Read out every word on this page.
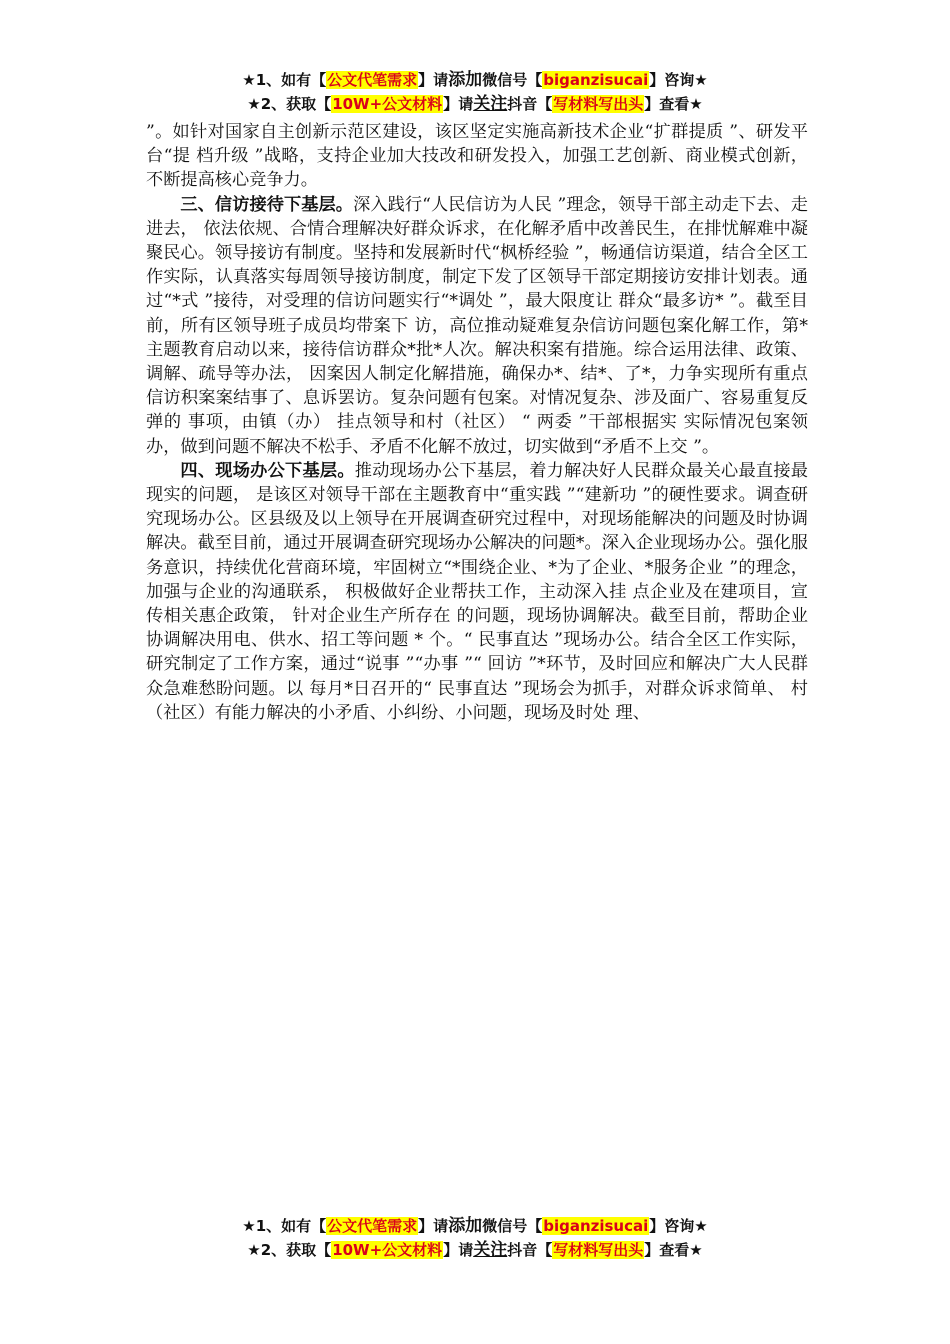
★1、如有【公文代笔需求】请添加微信号【biganzisucai】咨询★
★2、获取【10W+公文材料】请关注抖音【写材料写出头】查看★

”。如针对国家自主创新示范区建设，该区坚定实施高新技术企业“扩群提质 ”、研发平台“提 档升级 ”战略，支持企业加大技改和研发投入，加强工艺创新、商业模式创新，不断提高核心竞争力。

三、信访接待下基层。深入践行“人民信访为人民 ”理念，领导干部主动走下去、走进去， 依法依规、合情合理解决好群众诉求，在化解矛盾中改善民生，在排忧解难中凝聚民心。领导接访有制度。坚持和发展新时代“枫桥经验 ”，畅通信访渠道，结合全区工作实际，认真落实每周领导接访制度，制定下发了区领导干部定期接访安排计划表。通过“*式 ”接待，对受理的信访问题实行“*调处 ”，最大限度让 群众“最多访* ”。截至目前，所有区领导班子成员均带案下 访，高位推动疑难复杂信访问题包案化解工作，第*主题教育启动以来，接待信访群众*批*人次。解决积案有措施。综合运用法律、政策、调解、疏导等办法， 因案因人制定化解措施，确保办*、结*、了*，力争实现所有重点信访积案案结事了、息诉罢访。复杂问题有包案。对情况复杂、涉及面广、容易重复反弹的 事项，由镇（办） 挂点领导和村（社区） “ 两委 ”干部根据实 实际情况包案领办，做到问题不解决不松手、矛盾不化解不放过，切实做到“矛盾不上交 ”。

四、现场办公下基层。推动现场办公下基层，着力解决好人民群众最关心最直接最 现实的问题， 是该区对领导干部在主题教育中“重实践 ”“建新功 ”的硬性要求。调查研究现场办公。区县级及以上领导在开展调查研究过程中，对现场能解决的问题及时协调解决。截至目前，通过开展调查研究现场办公解决的问题*。深入企业现场办公。强化服务意识，持续优化营商环境，牢固树立“*围绕企业、*为了企业、*服务企业 ”的理念， 加强与企业的沟通联系， 积极做好企业帮扶工作，主动深入挂 点企业及在建项目，宣传相关惠企政策， 针对企业生产所存在 的问题，现场协调解决。截至目前，帮助企业协调解决用电、供水、招工等问题 * 个。“ 民事直达 ”现场办公。结合全区工作实际，研究制定了工作方案，通过“说事 ”“办事 ”“ 回访 ”*环节，及时回应和解决广大人民群众急难愁盼问题。以 每月*日召开的“ 民事直达 ”现场会为抓手，对群众诉求简单、 村（社区）有能力解决的小矛盾、小纠纷、小问题，现场及时处 理、

★1、如有【公文代笔需求】请添加微信号【biganzisucai】咨询★
★2、获取【10W+公文材料】请关注抖音【写材料写出头】查看★
